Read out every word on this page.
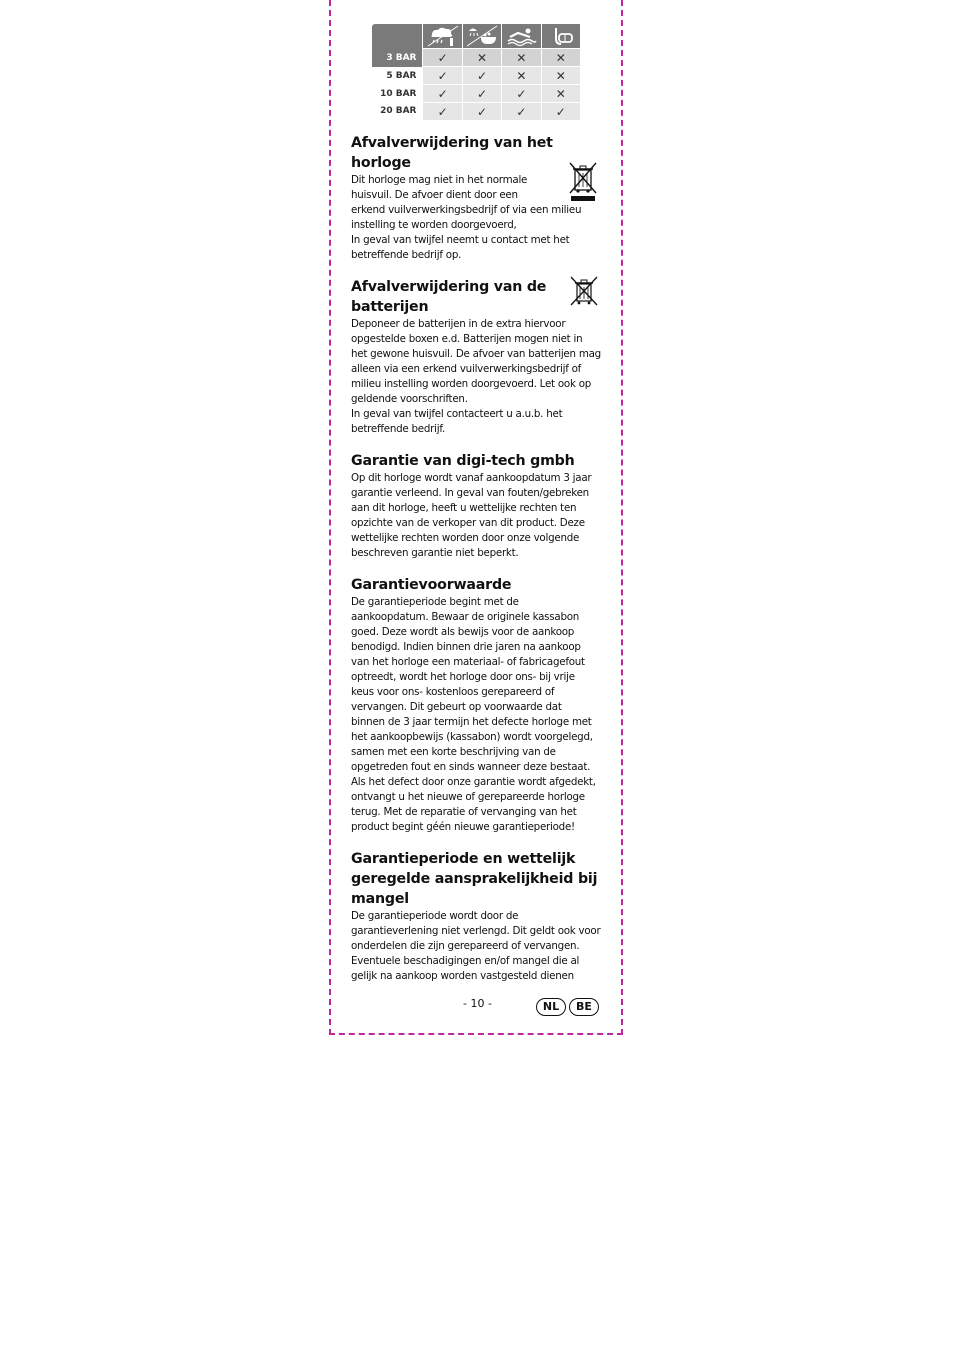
3 BAR	✓	✕	✕	✕
5 BAR	✓	✓	✕	✕
10 BAR	✓	✓	✓	✕
20 BAR	✓	✓	✓	✓
Afvalverwijdering van het horloge

Dit horloge mag niet in het normale
huisvuil. De afvoer dient door een
erkend vuilverwerkingsbedrijf of via een milieu
instelling te worden doorgevoerd,
In geval van twijfel neemt u contact met het
betreffende bedrijf op.

Afvalverwijdering van de batterijen

Deponeer de batterijen in de extra hiervoor
opgestelde boxen e.d. Batterijen mogen niet in
het gewone huisvuil. De afvoer van batterijen mag
alleen via een erkend vuilverwerkingsbedrijf of
milieu instelling worden doorgevoerd. Let ook op
geldende voorschriften.
In geval van twijfel contacteert u a.u.b. het
betreffende bedrijf.

Garantie van digi-tech gmbh

Op dit horloge wordt vanaf aankoopdatum 3 jaar
garantie verleend. In geval van fouten/gebreken
aan dit horloge, heeft u wettelijke rechten ten
opzichte van de verkoper van dit product. Deze
wettelijke rechten worden door onze volgende
beschreven garantie niet beperkt.

Garantievoorwaarde

De garantieperiode begint met de
aankoopdatum. Bewaar de originele kassabon
goed. Deze wordt als bewijs voor de aankoop
benodigd. Indien binnen drie jaren na aankoop
van het horloge een materiaal- of fabricagefout
optreedt, wordt het horloge door ons- bij vrije
keus voor ons- kostenloos gerepareerd of
vervangen. Dit gebeurt op voorwaarde dat
binnen de 3 jaar termijn het defecte horloge met
het aankoopbewijs (kassabon) wordt voorgelegd,
samen met een korte beschrijving van de
opgetreden fout en sinds wanneer deze bestaat.
Als het defect door onze garantie wordt afgedekt,
ontvangt u het nieuwe of gerepareerde horloge
terug. Met de reparatie of vervanging van het
product begint géén nieuwe garantieperiode!

Garantieperiode en wettelijk geregelde aansprakelijkheid bij mangel

De garantieperiode wordt door de
garantieverlening niet verlengd. Dit geldt ook voor
onderdelen die zijn gerepareerd of vervangen.
Eventuele beschadigingen en/of mangel die al
gelijk na aankoop worden vastgesteld dienen

- 10 -	NL	BE
